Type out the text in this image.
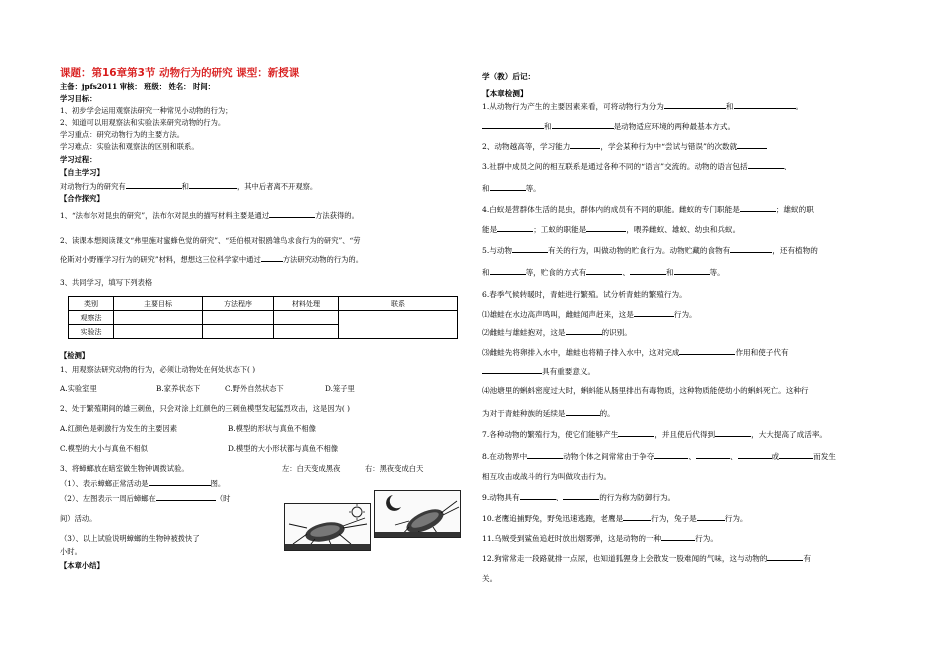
课题：第16章第3节 动物行为的研究 课型：新授课
主备：jpfs2011 审核： 班级： 姓名： 时间：
学习目标：
1、初步学会运用观察法研究一种常见小动物的行为；
2、知道可以用观察法和实验法来研究动物的行为。
学习重点：研究动物行为的主要方法。
学习难点：实验法和观察法的区别和联系。
学习过程：
【自主学习】
对动物行为的研究有	和	，其中后者离不开观察。
【合作探究】
1、“法布尔对昆虫的研究”，法布尔对昆虫的描写材料主要是通过	方法获得的。
2、读课本想阅读课文“弗里施对蜜蜂色觉的研究”、“廷伯根对银鸥雏鸟求食行为的研究”、“劳
伦斯对小野雁学习行为的研究”材料，想想这三位科学家中通过	方法研究动物的行为的。
3、共同学习，填写下列表格
类别	主要目标	方法程序	材料处理	联系
观察法				
实验法				
【检测】
1、用观察法研究动物的行为，必须让动物处在何处状态下( )
A.实验室里	B.家养状态下	C.野外自然状态下	D.笼子里
2、处于繁殖期间的雄三刺鱼，只会对涂上红颜色的三刺鱼模型发起猛烈攻击，这是因为( )
A.红颜色是刺激行为发生的主要因素	B.模型的形状与真鱼不相像
C.模型的大小与真鱼不相似	D.模型的大小形状都与真鱼不相像
3、将蟑螂放在暗室做生物钟调拨试验。	左：白天变成黑夜	右：黑夜变成白天
（1）、表示蟑螂正常活动是	图。
（2）、左图表示一周后蟑螂在	（时
间）活动。
（3）、以上试验说明蟑螂的生物钟被拨快了
小时。
【本章小结】
学（教）后记：
【本章检测】
1.从动物行为产生的主要因素来看，可将动物行为分为	和	。
和	是动物适应环境的两种最基本方式。
2、动物越高等，学习能力	，学会某种行为中“尝试与错误”的次数就
3.社群中成员之间的相互联系是通过各种不同的“语言”交流的。动物的语言包括	、
和	等。
4.白蚁是营群体生活的昆虫，群体内的成员有不同的职能。雌蚁的专门职能是	；雄蚁的职
能是	；工蚁的职能是	，喂养雌蚁、雄蚁、幼虫和兵蚁。
5.与动物	有关的行为，叫做动物的贮食行为。动物贮藏的食物有	，还有植物的
和	等，贮食的方式有	、	和	等。
6.春季气候转暖时，青蛙进行繁殖。试分析青蛙的繁殖行为。
⑴雄蛙在水边高声鸣叫，雌蛙闻声赶来，这是	行为。
⑵雌蛙与雄蛙抱对，这是	的识别。
⑶雌蛙先将卵排入水中，雄蛙也将精子排入水中，这对完成	作用和使子代有
具有重要意义。
⑷池塘里的蝌蚪密度过大时，蝌蚪能从肠里排出有毒物质，这种物质能使幼小的蝌蚪死亡。这种行
为对于青蛙种族的延续是	的。
7.各种动物的繁殖行为，使它们能够产生	，并且使后代得到	，大大提高了成活率。
8.在动物界中	动物个体之间常常由于争夺	、	、	或	而发生
相互攻击或战斗的行为叫做攻击行为。
9.动物具有	、	的行为称为防御行为。
10.老鹰追捕野兔，野兔迅速逃跑，老鹰是	行为，兔子是	行为。
11.乌贼受到鲨鱼追赶时放出烟雾弹，这是动物的一种	行为。
12.狗常常走一段路就排一点尿，也知道狐狸身上会散发一股难闻的气味，这与动物的	有
关。
